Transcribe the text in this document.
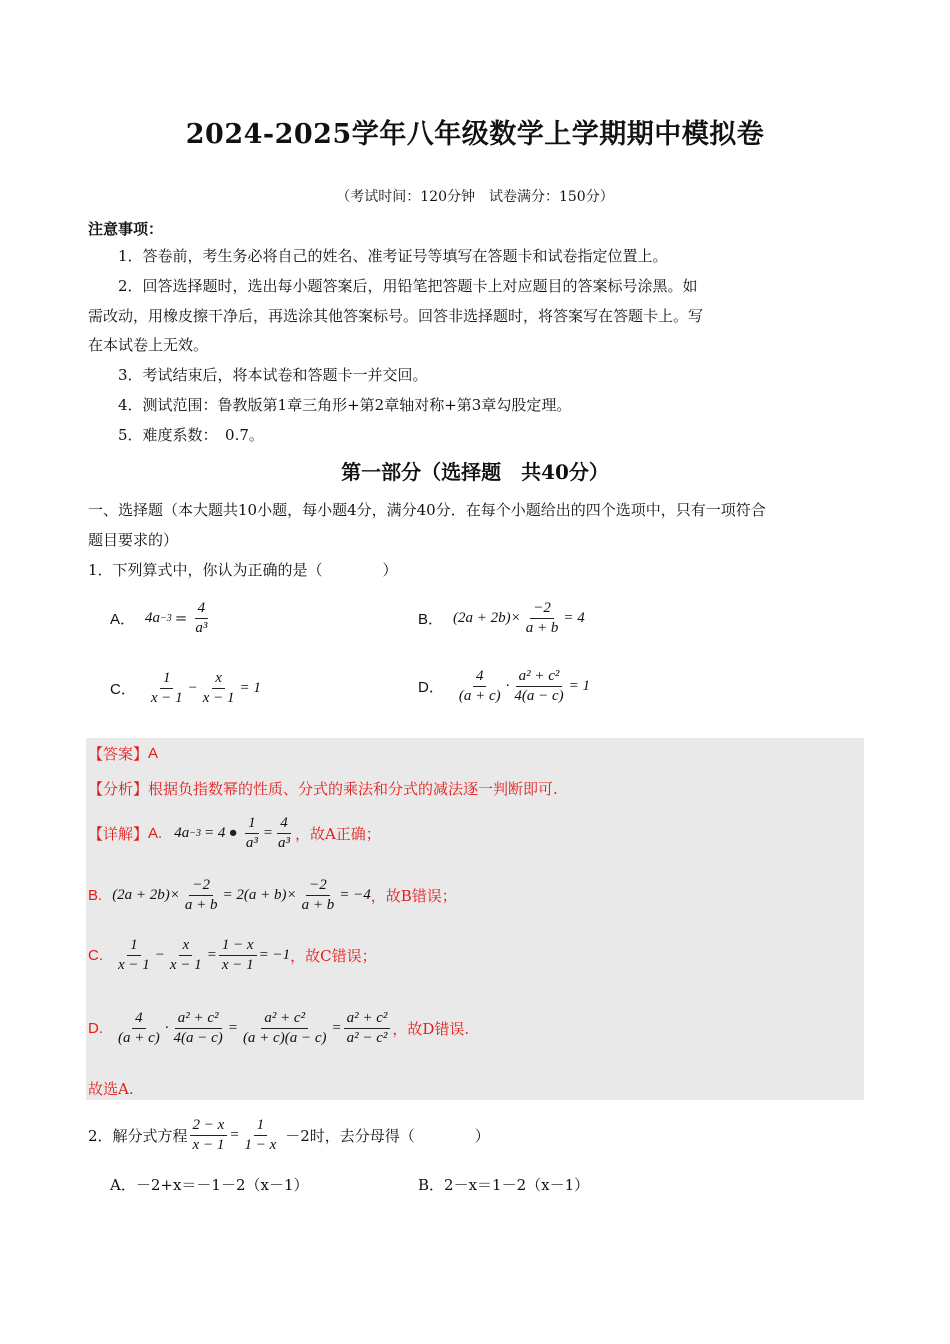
2024-2025学年八年级数学上学期期中模拟卷
（考试时间：120分钟　试卷满分：150分）
注意事项：
1．答卷前，考生务必将自己的姓名、准考证号等填写在答题卡和试卷指定位置上。
2．回答选择题时，选出每小题答案后，用铅笔把答题卡上对应题目的答案标号涂黑。如
需改动，用橡皮擦干净后，再选涂其他答案标号。回答非选择题时，将答案写在答题卡上。写
在本试卷上无效。
3．考试结束后，将本试卷和答题卡一并交回。
4．测试范围：鲁教版第1章三角形+第2章轴对称+第3章勾股定理。
5．难度系数：　0.7。
第一部分（选择题　共40分）
一、选择题（本大题共10小题，每小题4分，满分40分．在每个小题给出的四个选项中，只有一项符合
题目要求的）
1．下列算式中，你认为正确的是（　　　　）
A． $4a -3 = \frac{4}{\text{a³}}$	B． $(2a + 2b)\times \frac{-2}{a + b} = 4$
C． $\frac{1}{x - 1} - \frac{x}{x - 1} = 1$	D． $\frac{4}{(a + c)} \cdot \frac{\text{a² + c²}}{4(a - c)} = 1$
【答案】 A
【分析】 根据负指数幂的性质、分式的乘法和分式的减法逐一判断即可.
【详解】 A. 4a −3 = 4 • $\frac{1}{\text{a³}} = \frac{4}{\text{a³}}$ ，故A正确；
B. $(2a + 2b)\times \frac{-2}{a + b} = 2(a + b)\times \frac{-2}{a + b} = -4$ ，故B错误；
C. $\frac{1}{x - 1} - \frac{x}{x - 1} = \frac{1 - x}{x - 1} = -1$ ，故C错误；
D. $\frac{4}{(a + c)} \cdot \frac{\text{a² + c²}}{4(a - c)} = \frac{\text{a² + c²}}{(a + c)(a - c)} = \frac{\text{a² + c²}}{\text{a² − c²}}$ ，故D错误.
故选A.
2．解分式方程 $\frac{2 - x}{x - 1} = \frac{1}{1 - x} -2$时，去分母得（　　　　）
A．－2+x＝－1－2（x－1）	B．2－x＝1－2（x－1）
